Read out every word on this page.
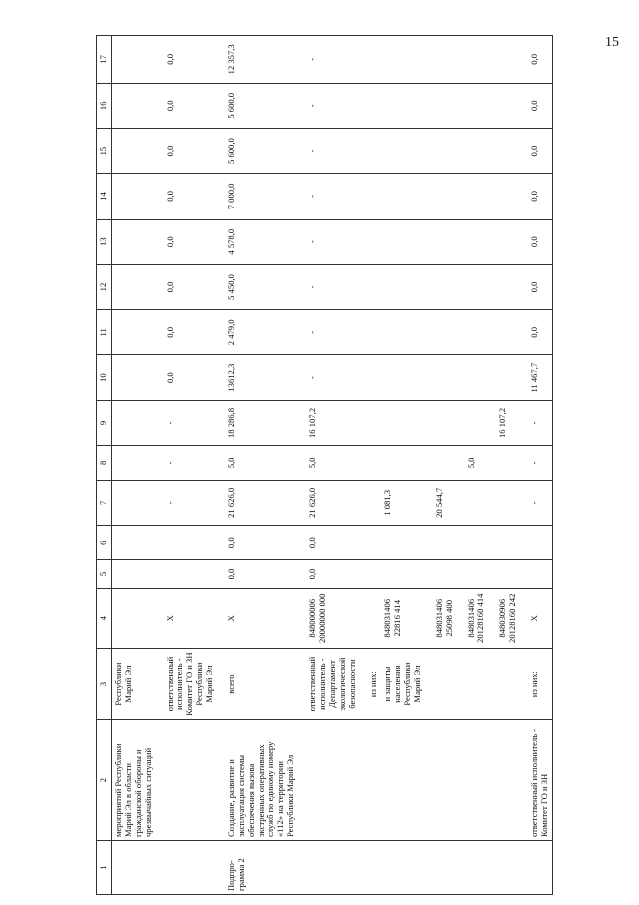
15
1	2	3	4	5	6	7	8	9	10	11	12	13	14	15	16	17
	мероприятий Республики Марий Эл в области гражданской обороны и чрезвычайных ситуаций	Республики Марий Эл														
		ответственный исполнитель - Комитет ГО и ЗН Республики Марий Эл	Х			-	-	-	0,0	0,0	0,0	0,0	0,0	0,0	0,0	0,0
Подпро-грамма 2	Создание, развитие и эксплуатация системы обеспечения вызова экстренных оперативных служб по единому номеру «112» на территории Республики Марий Эл	всего	Х	0,0	0,0	21 626,0	5,0	18 286,8	13612,3	2 479,0	5 450,0	4 578,0	7 000,0	5 600,0	5 600,0	12 357,3
		ответственный исполнитель - Департамент экологической безопасности	848000006 20000000 000	0,0	0,0	21 626,0	5,0	16 107,2	-	-	-	-	-	-	-	-
		из них:														
		и защиты населения Республики Марий Эл	848031406 22816 414			1 081,3										
			848031406 25098 400			20 544,7										
			848031406 20128160 414				5,0									
			848030906 20128160 242					16 107,2								
	ответственный исполнитель - Комитет ГО и ЗН	из них:	Х			-	-	-	11 467,7	0,0	0,0	0,0	0,0	0,0	0,0	0,0
